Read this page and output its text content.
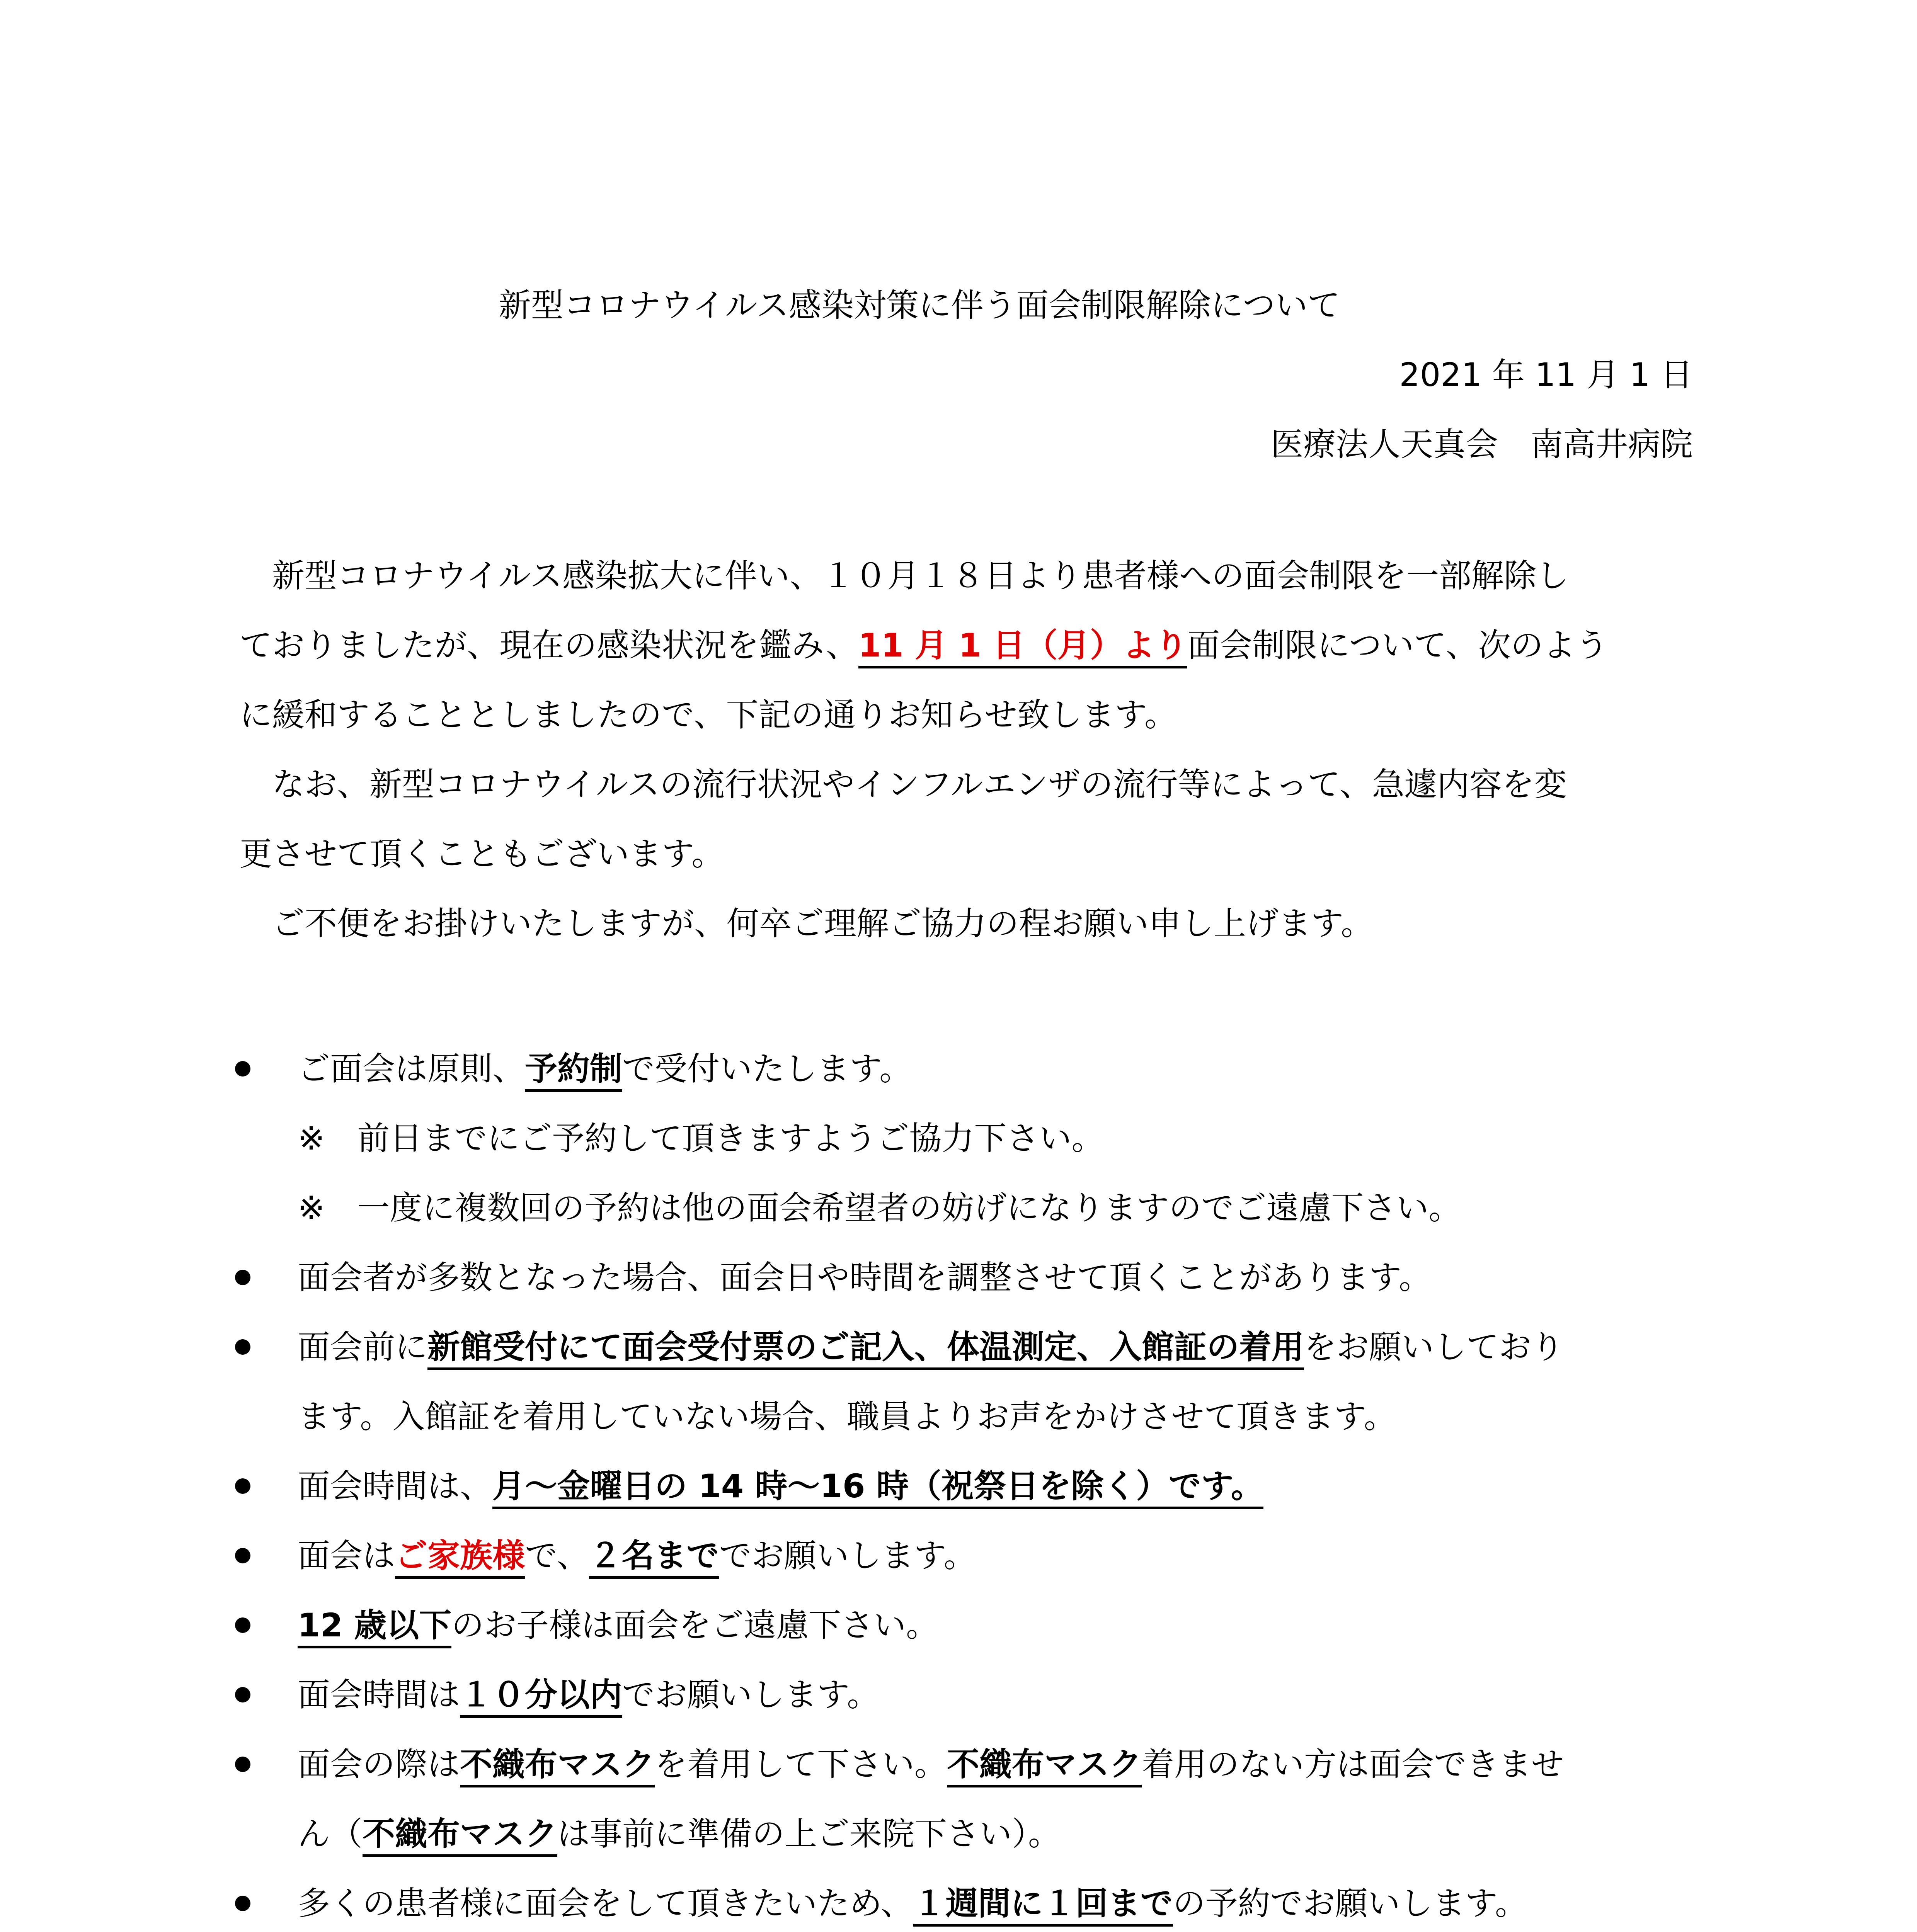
新型コロナウイルス感染対策に伴う面会制限解除について
2021 年 11 月 1 日
医療法人天真会　南高井病院
　新型コロナウイルス感染拡大に伴い、１０月１８日より患者様への面会制限を一部解除し
ておりましたが、現在の感染状況を鑑み、11 月 1 日（月）より面会制限について、次のよう
に緩和することとしましたので、下記の通りお知らせ致します。
　なお、新型コロナウイルスの流行状況やインフルエンザの流行等によって、急遽内容を変
更させて頂くこともございます。
　ご不便をお掛けいたしますが、何卒ご理解ご協力の程お願い申し上げます。
ご面会は原則、予約制で受付いたします。
※　前日までにご予約して頂きますようご協力下さい。
※　一度に複数回の予約は他の面会希望者の妨げになりますのでご遠慮下さい。
面会者が多数となった場合、面会日や時間を調整させて頂くことがあります。
面会前に新館受付にて面会受付票のご記入、体温測定、入館証の着用をお願いしており
ます。入館証を着用していない場合、職員よりお声をかけさせて頂きます。
面会時間は、月～金曜日の 14 時～16 時（祝祭日を除く）です。
面会はご家族様で、２名まででお願いします。
12 歳以下のお子様は面会をご遠慮下さい。
面会時間は１０分以内でお願いします。
面会の際は不織布マスクを着用して下さい。不織布マスク着用のない方は面会できませ
ん（不織布マスクは事前に準備の上ご来院下さい）。
多くの患者様に面会をして頂きたいため、１週間に１回までの予約でお願いします。
